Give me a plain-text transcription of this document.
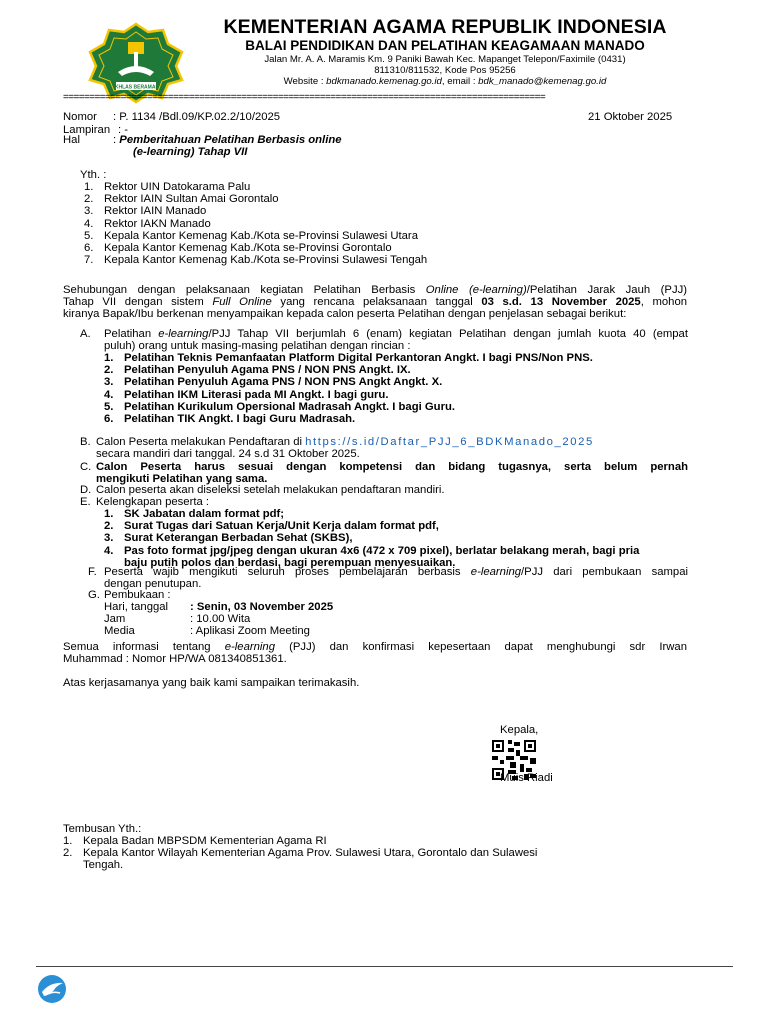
IKHLAS BERAMAL
KEMENTERIAN AGAMA REPUBLIK INDONESIA
BALAI PENDIDIKAN DAN PELATIHAN KEAGAMAAN MANADO
Jalan Mr. A. A. Maramis Km. 9 Paniki Bawah Kec. Mapanget Telepon/Faximile (0431)
811310/811532, Kode Pos 95256
Website : bdkmanado.kemenag.go.id, email : bdk_manado@kemenag.go.id
============================================================================================
Nomor : P. 1134 /Bdl.09/KP.02.2/10/2025	21 Oktober 2025
Lampiran : -
Hal	: Pemberitahuan Pelatihan Berbasis online
(e-learning) Tahap VII
Yth. :
1. Rektor UIN Datokarama Palu
2. Rektor IAIN Sultan Amai Gorontalo
3. Rektor IAIN Manado
4. Rektor IAKN Manado
5. Kepala Kantor Kemenag Kab./Kota se-Provinsi Sulawesi Utara
6. Kepala Kantor Kemenag Kab./Kota se-Provinsi Gorontalo
7. Kepala Kantor Kemenag Kab./Kota se-Provinsi Sulawesi Tengah
Sehubungan dengan pelaksanaan kegiatan Pelatihan Berbasis Online (e-learning)/Pelatihan Jarak Jauh (PJJ)
Tahap VII dengan sistem Full Online yang rencana pelaksanaan tanggal 03 s.d. 13 November 2025, mohon
kiranya Bapak/Ibu berkenan menyampaikan kepada calon peserta Pelatihan dengan penjelasan sebagai berikut:
A. Pelatihan e-learning/PJJ Tahap VII berjumlah 6 (enam) kegiatan Pelatihan dengan jumlah kuota 40 (empat
puluh) orang untuk masing-masing pelatihan dengan rincian :
1. Pelatihan Teknis Pemanfaatan Platform Digital Perkantoran Angkt. I bagi PNS/Non PNS.
2. Pelatihan Penyuluh Agama PNS / NON PNS Angkt. IX.
3. Pelatihan Penyuluh Agama PNS / NON PNS Angkt Angkt. X.
4. Pelatihan IKM Literasi pada MI Angkt. I bagi guru.
5. Pelatihan Kurikulum Opersional Madrasah Angkt. I bagi Guru.
6. Pelatihan TIK Angkt. I bagi Guru Madrasah.
B. Calon Peserta melakukan Pendaftaran di https://s.id/Daftar_PJJ_6_BDKManado_2025
secara mandiri dari tanggal. 24 s.d 31 Oktober 2025.
C. Calon Peserta harus sesuai dengan kompetensi dan bidang tugasnya, serta belum pernah
mengikuti Pelatihan yang sama.
D. Calon peserta akan diseleksi setelah melakukan pendaftaran mandiri.
E. Kelengkapan peserta :
1. SK Jabatan dalam format pdf;
2. Surat Tugas dari Satuan Kerja/Unit Kerja dalam format pdf,
3. Surat Keterangan Berbadan Sehat (SKBS),
4. Pas foto format jpg/jpeg dengan ukuran 4x6 (472 x 709 pixel), berlatar belakang merah, bagi pria
baju putih polos dan berdasi, bagi perempuan menyesuaikan.
F. Peserta wajib mengikuti seluruh proses pembelajaran berbasis e-learning/PJJ dari pembukaan sampai
dengan penutupan.
G. Pembukaan :
Hari, tanggal : Senin, 03 November 2025
Jam	: 10.00 Wita
Media	: Aplikasi Zoom Meeting
Semua informasi tentang e-learning (PJJ) dan konfirmasi kepesertaan dapat menghubungi sdr Irwan
Muhammad : Nomor HP/WA 081340851361.
Atas kerjasamanya yang baik kami sampaikan terimakasih.
Kepala,
Muis Riadi
Tembusan Yth.:
1. Kepala Badan MBPSDM Kementerian Agama RI
2. Kepala Kantor Wilayah Kementerian Agama Prov. Sulawesi Utara, Gorontalo dan Sulawesi
Tengah.
